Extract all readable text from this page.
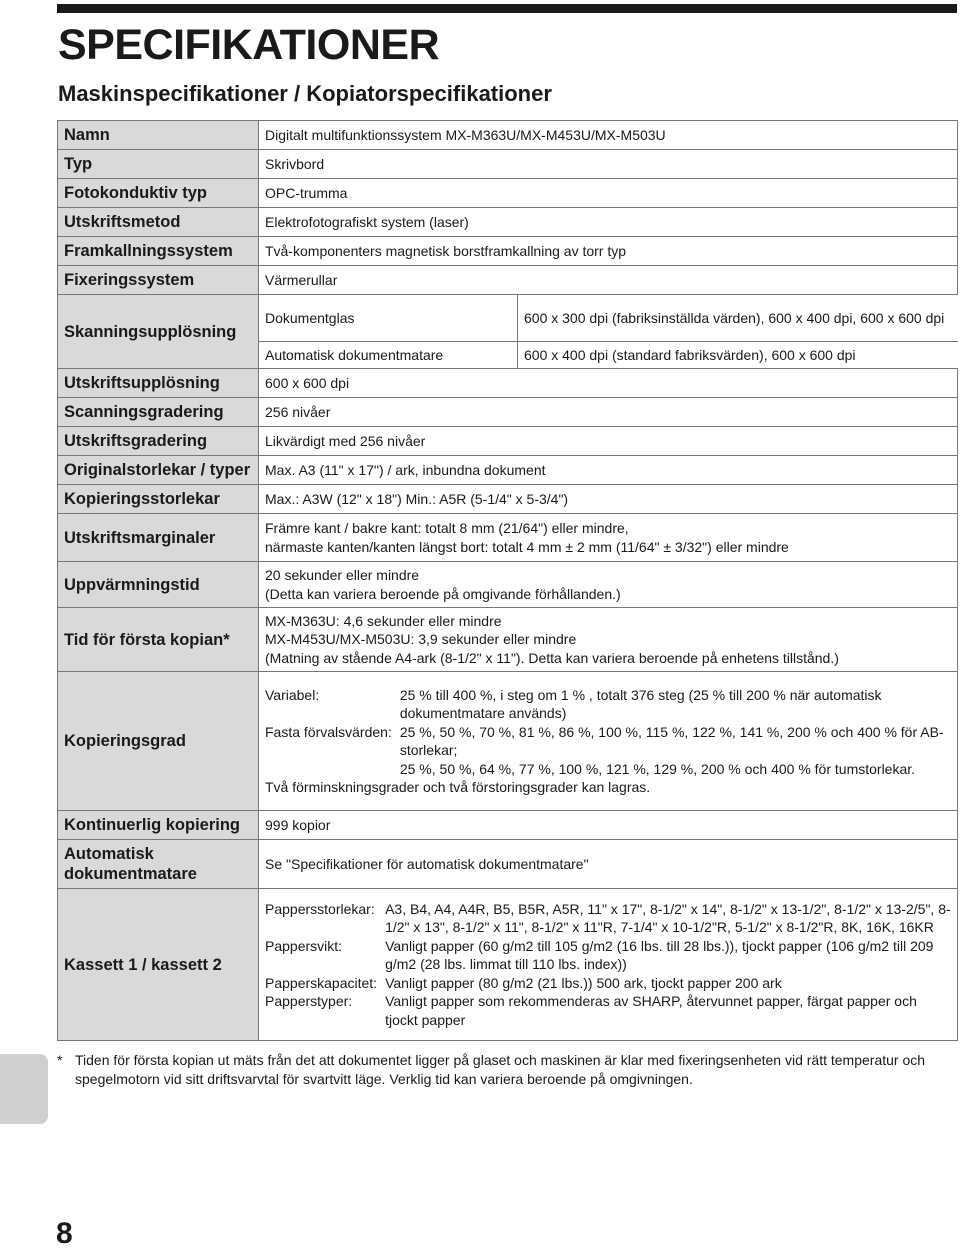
SPECIFIKATIONER
Maskinspecifikationer / Kopiatorspecifikationer
Namn	Digitalt multifunktionssystem MX-M363U/MX-M453U/MX-M503U
Typ	Skrivbord
Fotokonduktiv typ	OPC-trumma
Utskriftsmetod	Elektrofotografiskt system (laser)
Framkallningssystem	Två-komponenters magnetisk borstframkallning av torr typ
Fixeringssystem	Värmerullar
Skanningsupplösning	
Dokumentglas	600 x 300 dpi (fabriksinställda värden), 600 x 400 dpi, 600 x 600 dpi
Automatisk dokumentmatare	600 x 400 dpi (standard fabriksvärden), 600 x 600 dpi

Utskriftsupplösning	600 x 600 dpi
Scanningsgradering	256 nivåer
Utskriftsgradering	Likvärdigt med 256 nivåer
Originalstorlekar / typer	Max. A3 (11" x 17") / ark, inbundna dokument
Kopieringsstorlekar	Max.: A3W (12" x 18") Min.: A5R (5-1/4" x 5-3/4")
Utskriftsmarginaler	
Främre kant / bakre kant: totalt 8 mm (21/64") eller mindre,
närmaste kanten/kanten längst bort: totalt 4 mm ± 2 mm (11/64" ± 3/32") eller mindre

Uppvärmningstid	
20 sekunder eller mindre
(Detta kan variera beroende på omgivande förhållanden.)

Tid för första kopian*	
MX-M363U: 4,6 sekunder eller mindre
MX-M453U/MX-M503U: 3,9 sekunder eller mindre
(Matning av stående A4-ark (8-1/2" x 11"). Detta kan variera beroende på enhetens tillstånd.)

Kopieringsgrad	
Variabel:	25 % till 400 %, i steg om 1 % , totalt 376 steg (25 % till 200 % när automatisk dokumentmatare används)
Fasta förvalsvärden: 25 %, 50 %, 70 %, 81 %, 86 %, 100 %, 115 %, 122 %, 141 %, 200 % och 400 % för AB-storlekar;
25 %, 50 %, 64 %, 77 %, 100 %, 121 %, 129 %, 200 % och 400 % för tumstorlekar.
Två förminskningsgrader och två förstoringsgrader kan lagras.

Kontinuerlig kopiering	999 kopior
Automatisk dokumentmatare	Se "Specifikationer för automatisk dokumentmatare"
Kassett 1 / kassett 2	
Pappersstorlekar: A3, B4, A4, A4R, B5, B5R, A5R, 11" x 17", 8-1/2" x 14", 8-1/2" x 13-1/2", 8-1/2" x 13-2/5", 8-1/2" x 13", 8-1/2" x 11", 8-1/2" x 11"R, 7-1/4" x 10-1/2"R, 5-1/2" x 8-1/2"R, 8K, 16K, 16KR
Pappersvikt:	Vanligt papper (60 g/m2 till 105 g/m2 (16 lbs. till 28 lbs.)), tjockt papper (106 g/m2 till 209 g/m2 (28 lbs. limmat till 110 lbs. index))
Papperskapacitet: Vanligt papper (80 g/m2 (21 lbs.)) 500 ark, tjockt papper 200 ark
Papperstyper:	Vanligt papper som rekommenderas av SHARP, återvunnet papper, färgat papper och tjockt papper
* Tiden för första kopian ut mäts från det att dokumentet ligger på glaset och maskinen är klar med fixeringsenheten vid rätt temperatur och spegelmotorn vid sitt driftsvarvtal för svartvitt läge. Verklig tid kan variera beroende på omgivningen.
8
